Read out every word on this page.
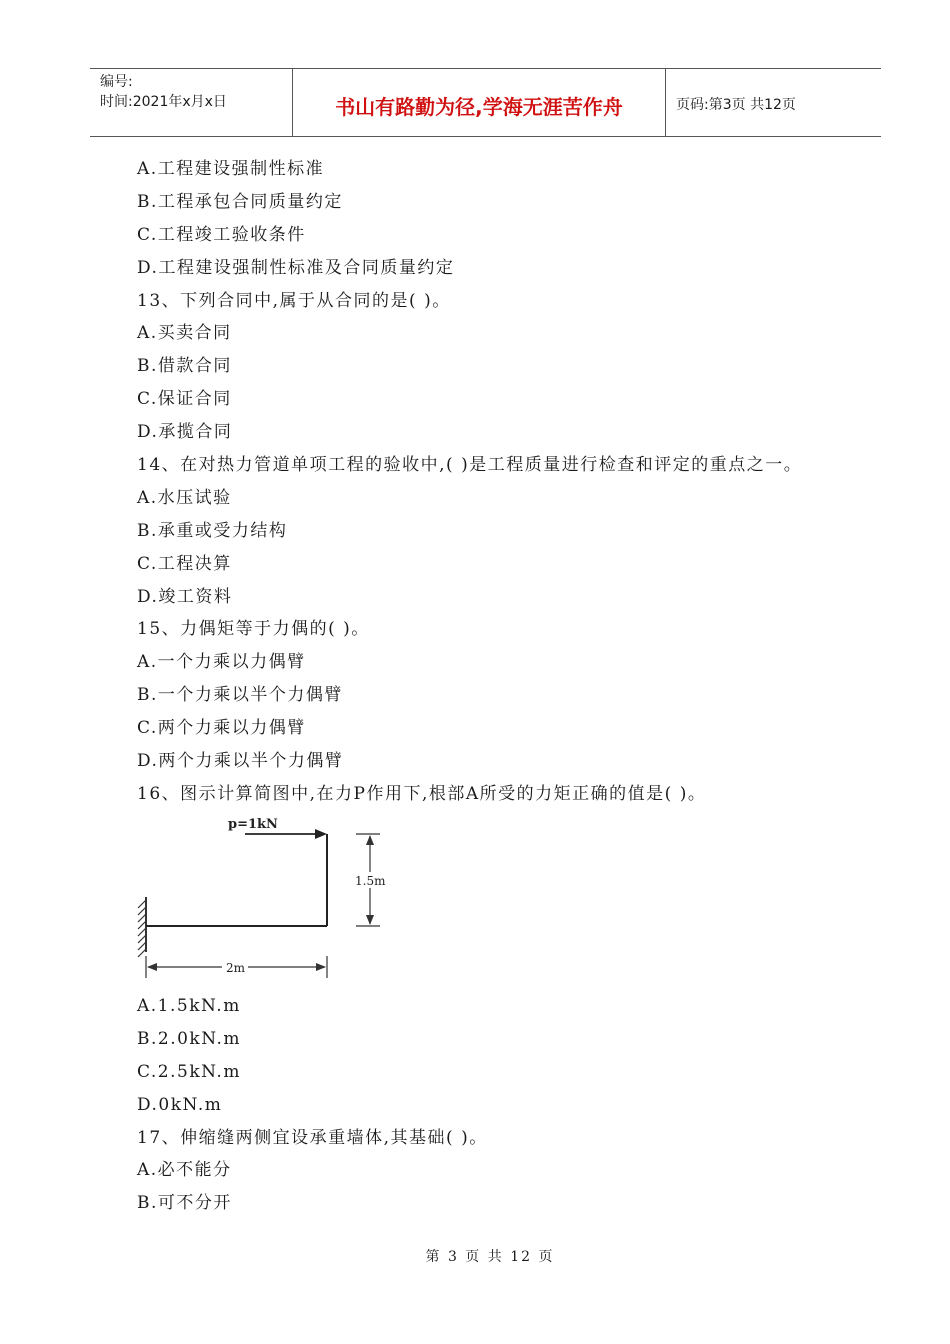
编号:
时间:2021年x月x日	书山有路勤为径,学海无涯苦作舟	页码:第3页 共12页
A.工程建设强制性标准
B.工程承包合同质量约定
C.工程竣工验收条件
D.工程建设强制性标准及合同质量约定
13、下列合同中,属于从合同的是( )。
A.买卖合同
B.借款合同
C.保证合同
D.承揽合同
14、在对热力管道单项工程的验收中,( )是工程质量进行检查和评定的重点之一。
A.水压试验
B.承重或受力结构
C.工程决算
D.竣工资料
15、力偶矩等于力偶的( )。
A.一个力乘以力偶臂
B.一个力乘以半个力偶臂
C.两个力乘以力偶臂
D.两个力乘以半个力偶臂
16、图示计算简图中,在力P作用下,根部A所受的力矩正确的值是( )。
p=1kN
1.5m
2m
A.1.5kN.m
B.2.0kN.m
C.2.5kN.m
D.0kN.m
17、伸缩缝两侧宜设承重墙体,其基础( )。
A.必不能分
B.可不分开
第 3 页 共 12 页
